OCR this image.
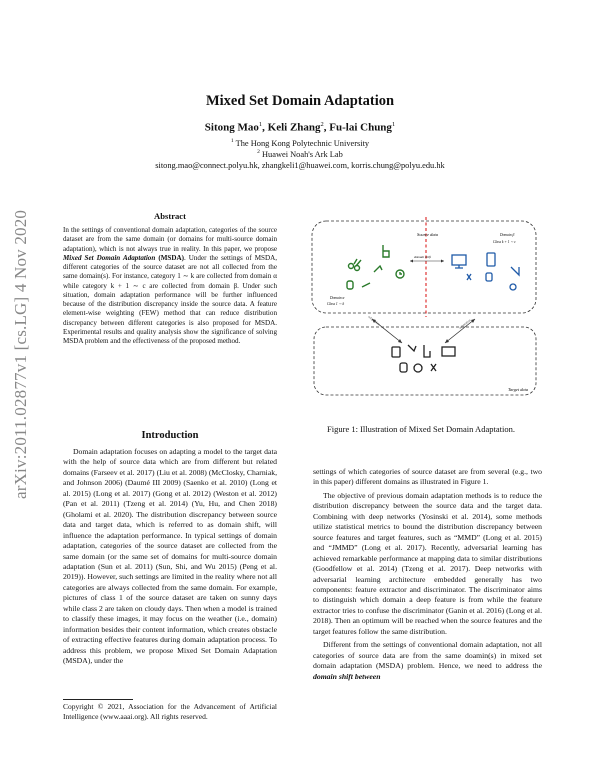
arXiv:2011.02877v1 [cs.LG] 4 Nov 2020
Mixed Set Domain Adaptation
Sitong Mao$^1$, Keli Zhang$^2$, Fu-lai Chung$^1$
$^1$ The Hong Kong Polytechnic University
$^2$ Huawei Noah's Ark Lab
sitong.mao@connect.polyu.hk, zhangkeli1@huawei.com, korris.chung@polyu.edu.hk
Abstract
In the settings of conventional domain adaptation, categories of the source dataset are from the same domain (or domains for multi-source domain adaptation), which is not always true in reality. In this paper, we propose Mixed Set Domain Adaptation (MSDA). Under the settings of MSDA, different categories of the source dataset are not all collected from the same domain(s). For instance, category 1 ∼ k are collected from domain α while category k + 1 ∼ c are collected from domain β. Under such situation, domain adaptation performance will be further influenced because of the distribution discrepancy inside the source data. A feature element-wise weighting (FEW) method that can reduce distribution discrepancy between different categories is also proposed for MSDA. Experimental results and quality analysis show the significance of solving MSDA problem and the effectiveness of the proposed method.
Introduction
Domain adaptation focuses on adapting a model to the target data with the help of source data which are from different but related domains (Farseev et al. 2017) (Liu et al. 2008) (McClosky, Charniak, and Johnson 2006) (Daumé III 2009) (Saenko et al. 2010) (Long et al. 2015) (Long et al. 2017) (Gong et al. 2012) (Weston et al. 2012) (Pan et al. 2011) (Tzeng et al. 2014) (Yu, Hu, and Chen 2018) (Gholami et al. 2020). The distribution discrepancy between source data and target data, which is referred to as domain shift, will influence the adaptation performance. In typical settings of domain adaptation, categories of the source dataset are collected from the same domain (or the same set of domains for multi-source domain adaptation (Sun et al. 2011) (Sun, Shi, and Wu 2015) (Peng et al. 2019)). However, such settings are limited in the reality where not all categories are always collected from the same domain. For example, pictures of class 1 of the source dataset are taken on sunny days while class 2 are taken on cloudy days. Then when a model is trained to classify these images, it may focus on the weather (i.e., domain) information besides their content information, which creates obstacle of extracting effective features during domain adaptation process. To address this problem, we propose Mixed Set Domain Adaptation (MSDA), under the
Copyright © 2021, Association for the Advancement of Artificial Intelligence (www.aaai.org). All rights reserved.
Source data
domain shift
Domain α
Class 1 ∼ k
Domain β
Class k + 1 ∼ c
adaptation	adaptation
Target data
Figure 1: Illustration of Mixed Set Domain Adaptation.

settings of which categories of source dataset are from several (e.g., two in this paper) different domains as illustrated in Figure 1.

The objective of previous domain adaptation methods is to reduce the distribution discrepancy between the source data and the target data. Combining with deep networks (Yosinski et al. 2014), some methods utilize statistical metrics to bound the distribution discrepancy between source features and target features, such as “MMD” (Long et al. 2015) and “JMMD” (Long et al. 2017). Recently, adversarial learning has achieved remarkable performance at mapping data to similar distributions (Goodfellow et al. 2014) (Tzeng et al. 2017). Deep networks with adversarial learning architecture embedded generally has two components: feature extractor and discriminator. The discriminator aims to distinguish which domain a deep feature is from while the feature extractor tries to confuse the discriminator (Ganin et al. 2016) (Long et al. 2018). Then an optimum will be reached when the source features and the target features follow the same distribution.

Different from the settings of conventional domain adaptation, not all categories of source data are from the same doamin(s) in mixed set domain adaptation (MSDA) problem. Hence, we need to address the domain shift between
